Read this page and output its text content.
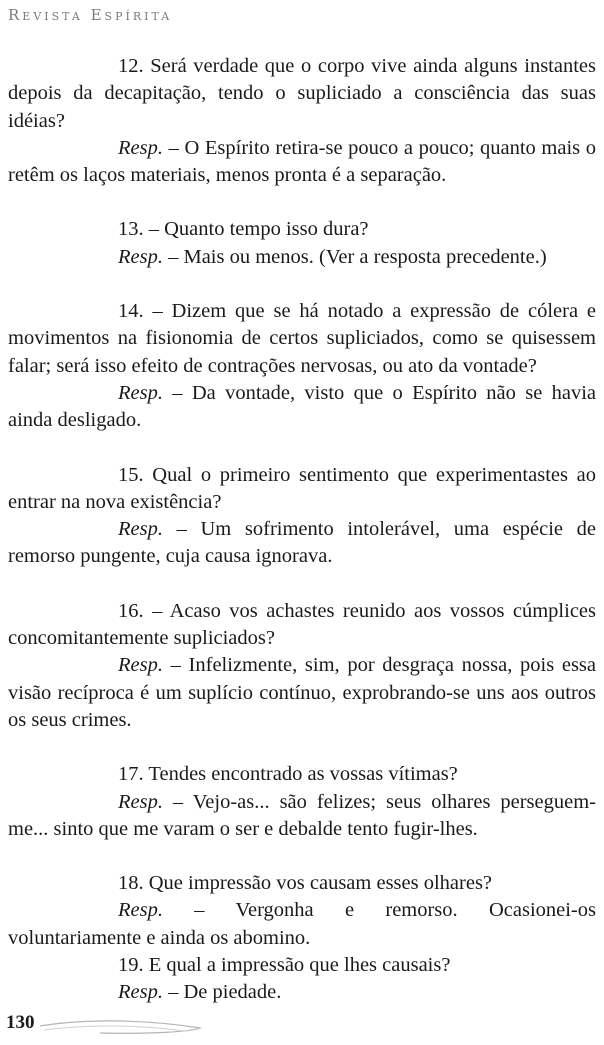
Revista Espírita

12. Será verdade que o corpo vive ainda alguns instantes depois da decapitação, tendo o supliciado a consciência das suas idéias?

Resp. – O Espírito retira-se pouco a pouco; quanto mais o retêm os laços materiais, menos pronta é a separação.

13. – Quanto tempo isso dura?

Resp. – Mais ou menos. (Ver a resposta precedente.)

14. – Dizem que se há notado a expressão de cólera e movimentos na fisionomia de certos supliciados, como se quisessem falar; será isso efeito de contrações nervosas, ou ato da vontade?

Resp. – Da vontade, visto que o Espírito não se havia ainda desligado.

15. Qual o primeiro sentimento que experimentastes ao entrar na nova existência?

Resp. – Um sofrimento intolerável, uma espécie de remorso pungente, cuja causa ignorava.

16. – Acaso vos achastes reunido aos vossos cúmplices concomitantemente supliciados?

Resp. – Infelizmente, sim, por desgraça nossa, pois essa visão recíproca é um suplício contínuo, exprobrando-se uns aos outros os seus crimes.

17. Tendes encontrado as vossas vítimas?

Resp. – Vejo-as... são felizes; seus olhares perseguem-me... sinto que me varam o ser e debalde tento fugir-lhes.

18. Que impressão vos causam esses olhares?

Resp. – Vergonha e remorso. Ocasionei-os voluntariamente e ainda os abomino.

19. E qual a impressão que lhes causais?

Resp. – De piedade.

130
